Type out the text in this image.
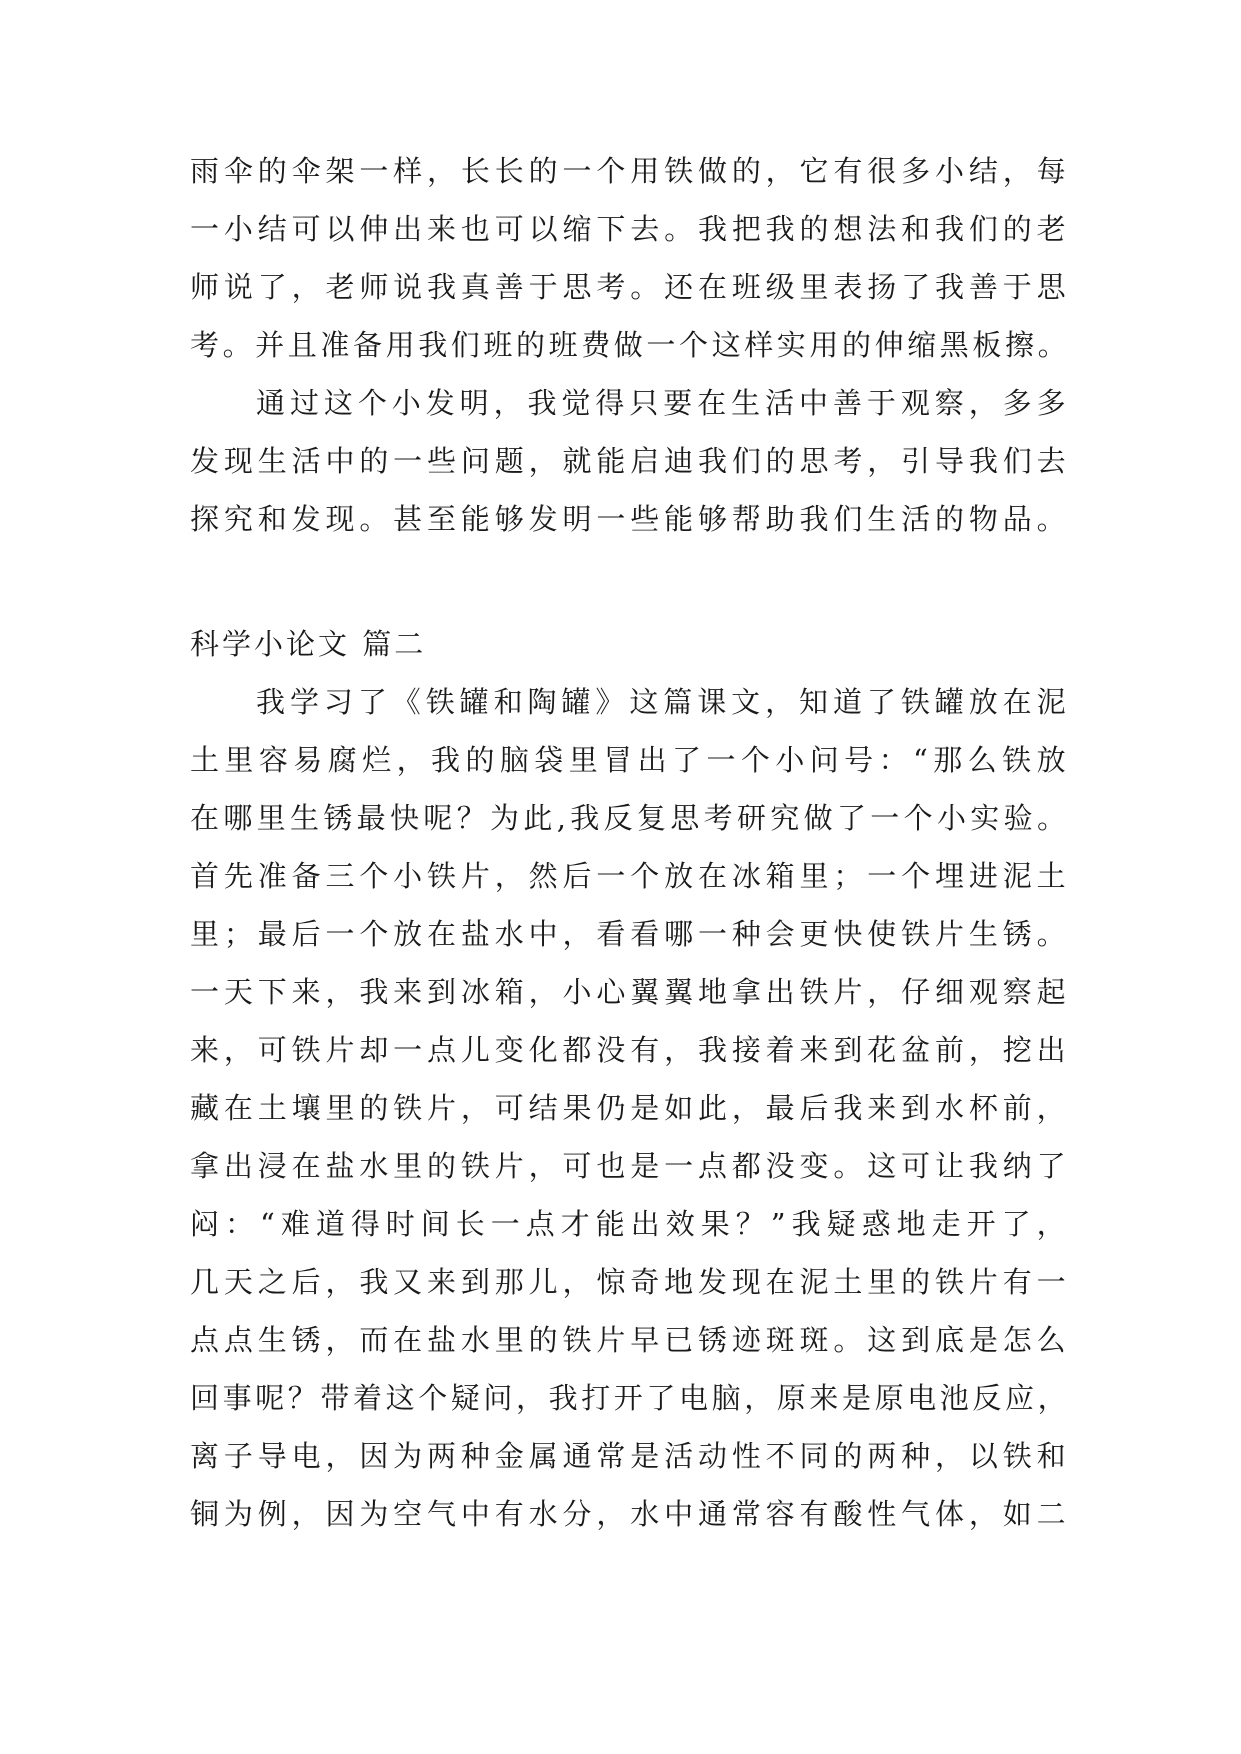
雨伞的伞架一样，长长的一个用铁做的，它有很多小结，每
一小结可以伸出来也可以缩下去。我把我的想法和我们的老
师说了，老师说我真善于思考。还在班级里表扬了我善于思
考。并且准备用我们班的班费做一个这样实用的伸缩黑板擦。
通过这个小发明，我觉得只要在生活中善于观察，多多
发现生活中的一些问题，就能启迪我们的思考，引导我们去
探究和发现。甚至能够发明一些能够帮助我们生活的物品。
科学小论文 篇二
我学习了《铁罐和陶罐》这篇课文，知道了铁罐放在泥
土里容易腐烂，我的脑袋里冒出了一个小问号：“那么铁放
在哪里生锈最快呢？为此,我反复思考研究做了一个小实验。
首先准备三个小铁片，然后一个放在冰箱里；一个埋进泥土
里；最后一个放在盐水中，看看哪一种会更快使铁片生锈。
一天下来，我来到冰箱，小心翼翼地拿出铁片，仔细观察起
来，可铁片却一点儿变化都没有，我接着来到花盆前，挖出
藏在土壤里的铁片，可结果仍是如此，最后我来到水杯前，
拿出浸在盐水里的铁片，可也是一点都没变。这可让我纳了
闷：“难道得时间长一点才能出效果？”我疑惑地走开了，
几天之后，我又来到那儿，惊奇地发现在泥土里的铁片有一
点点生锈，而在盐水里的铁片早已锈迹斑斑。这到底是怎么
回事呢？带着这个疑问，我打开了电脑，原来是原电池反应，
离子导电，因为两种金属通常是活动性不同的两种，以铁和
铜为例，因为空气中有水分，水中通常容有酸性气体，如二
